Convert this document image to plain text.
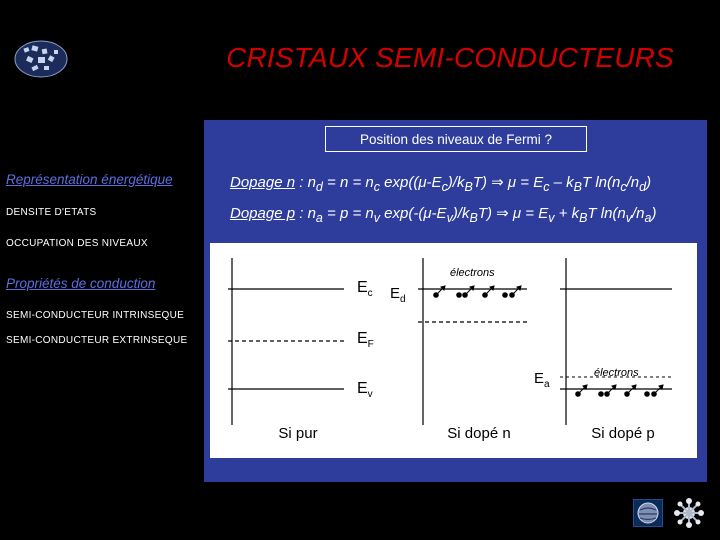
CRISTAUX SEMI-CONDUCTEURS
Position des niveaux de Fermi ?
Représentation énergétique
DENSITE D'ETATS
OCCUPATION DES NIVEAUX
Propriétés de conduction
SEMI-CONDUCTEUR INTRINSEQUE
SEMI-CONDUCTEUR EXTRINSEQUE
Dopage n : $n_d = n = n_c$ $\exp((\mu-E_c)/k_BT)$ ⇒ $\mu = E_c - k_BT$ $\ln(n_c/n_d)$
Dopage p : $n_a = p = n_v$ $\exp(-(\mu-E_v)/k_BT)$ ⇒ $\mu = E_v + k_BT$ $\ln(n_v/n_a)$
$E_c$
$E_F$
$E_v$
$E_d$
électrons
$E_a$
électrons
Si pur	Si dopé n	Si dopé p
